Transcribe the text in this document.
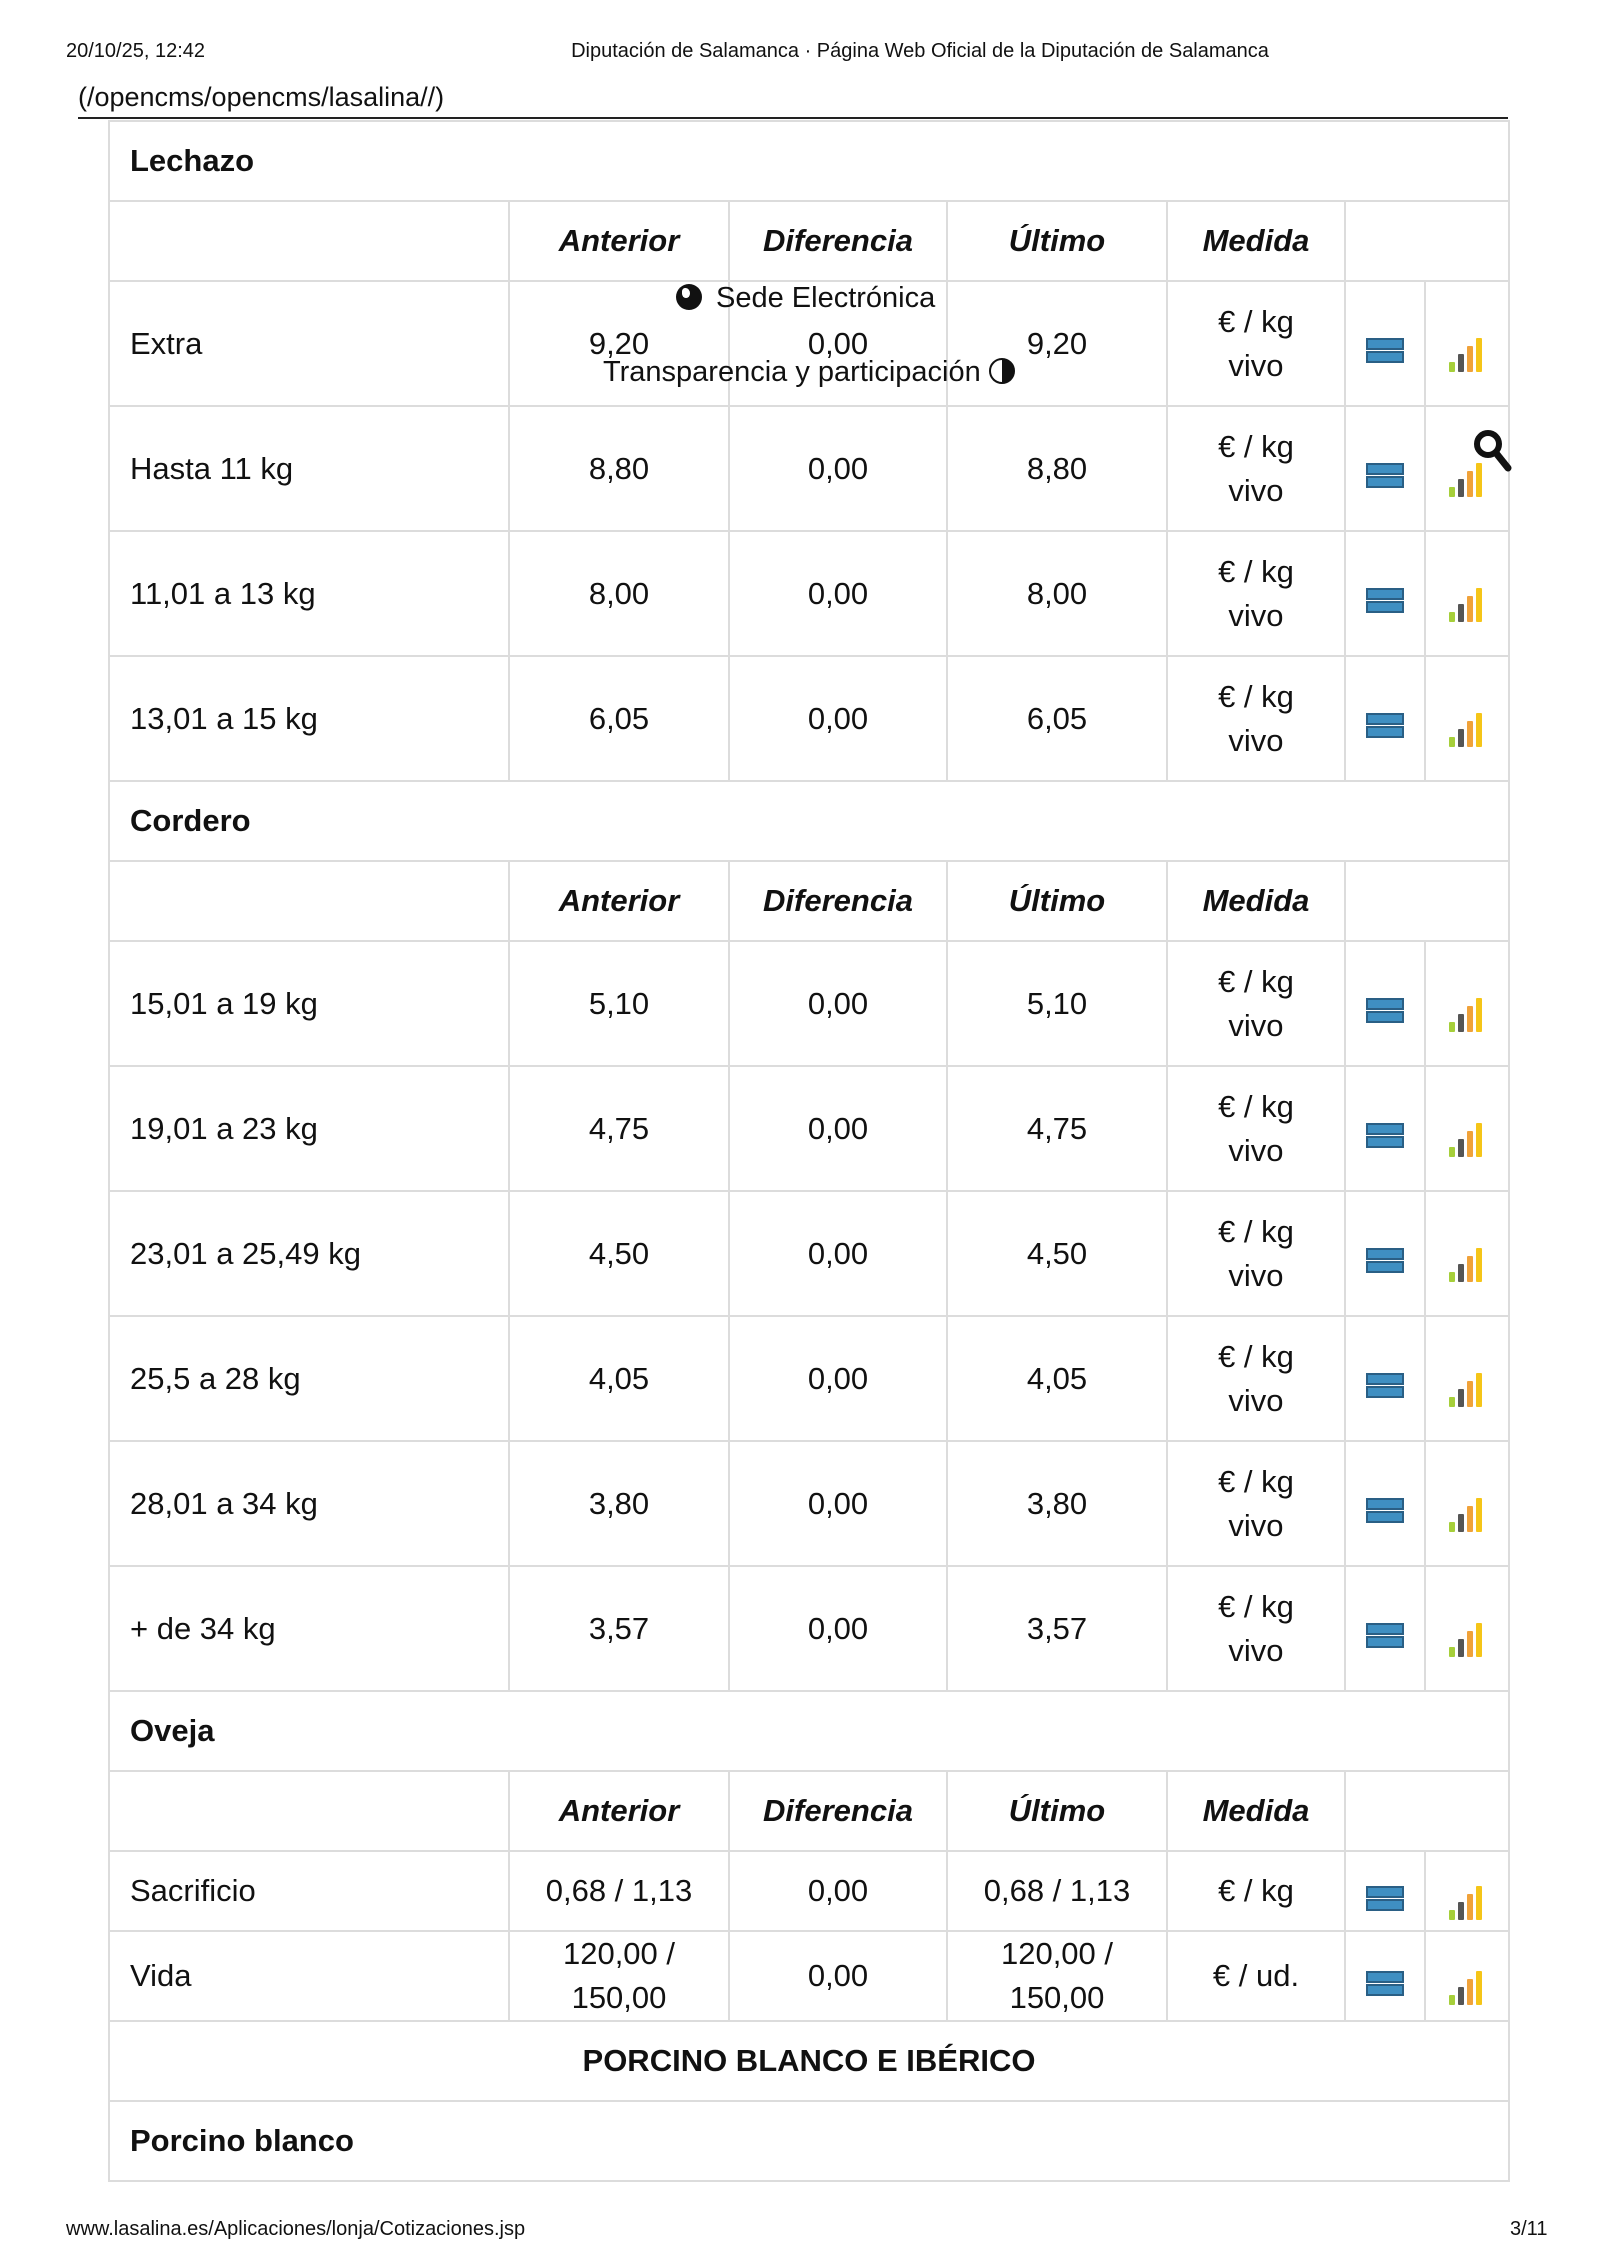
20/10/25, 12:42	Diputación de Salamanca · Página Web Oficial de la Diputación de Salamanca
(/opencms/opencms/lasalina//)
Lechazo						
	Anterior	Diferencia	Último	Medida		
Extra	9,20	0,00	9,20	€ / kg vivo		
Hasta 11 kg	8,80	0,00	8,80	€ / kg vivo		
11,01 a 13 kg	8,00	0,00	8,00	€ / kg vivo		
13,01 a 15 kg	6,05	0,00	6,05	€ / kg vivo		
Cordero						
	Anterior	Diferencia	Último	Medida		
15,01 a 19 kg	5,10	0,00	5,10	€ / kg vivo		
19,01 a 23 kg	4,75	0,00	4,75	€ / kg vivo		
23,01 a 25,49 kg	4,50	0,00	4,50	€ / kg vivo		
25,5 a 28 kg	4,05	0,00	4,05	€ / kg vivo		
28,01 a 34 kg	3,80	0,00	3,80	€ / kg vivo		
+ de 34 kg	3,57	0,00	3,57	€ / kg vivo		
Oveja						
	Anterior	Diferencia	Último	Medida		
Sacrificio	0,68 / 1,13	0,00	0,68 / 1,13	€ / kg		
Vida	120,00 / 150,00	0,00	120,00 / 150,00	€ / ud.		
PORCINO BLANCO E IBÉRICO						
Porcino blanco						
Sede Electrónica
Transparencia y participación
www.lasalina.es/Aplicaciones/lonja/Cotizaciones.jsp	3/11
